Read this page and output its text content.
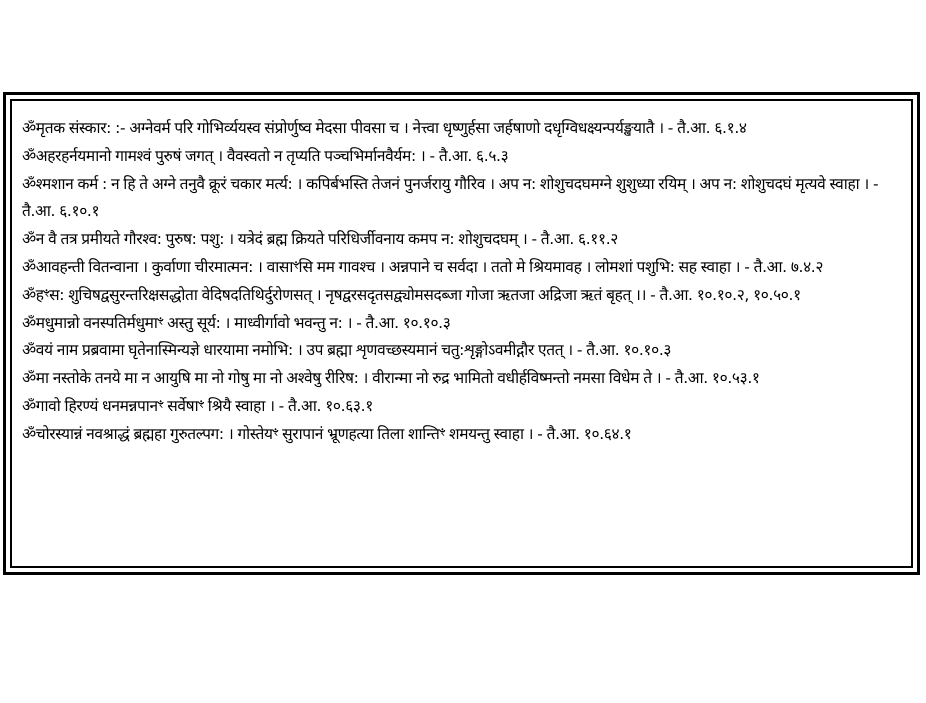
ॐमृतक संस्कार: :- अग्नेवर्म परि गोभिर्व्ययस्व संप्रोर्णुष्व मेदसा पीवसा च । नेत्त्वा धृष्णुर्हसा जर्हषाणो दधृग्विधक्ष्यन्पर्यङ्खयातै । - तै.आ. ६.१.४

ॐअहरहर्नयमानो गामश्वं पुरुषं जगत् । वैवस्वतो न तृप्यति पञ्चभिर्मानवैर्यम: । - तै.आ. ६.५.३

ॐश्मशान कर्म : न हि ते अग्ने तनुवै क्रूरं चकार मर्त्य: । कपिर्बभस्ति तेजनं पुनर्जरायु गौरिव । अप न: शोशुचदघमग्ने शुशुध्या रयिम् । अप न: शोशुचदघं मृत्यवे स्वाहा । - तै.आ. ६.१०.१

ॐन वै तत्र प्रमीयते गौरश्व: पुरुष: पशु: । यत्रेदं ब्रह्म क्रियते परिधिर्जीवनाय कमप न: शोशुचदघम् । - तै.आ. ६.११.२

ॐआवहन्ती वितन्वाना । कुर्वाणा चीरमात्मन: । वासाꣳसि मम गावश्च । अन्नपाने च सर्वदा । ततो मे श्रियमावह । लोमशां पशुभि: सह स्वाहा । - तै.आ. ७.४.२

ॐहꣳस: शुचिषद्वसुरन्तरिक्षसद्धोता वेदिषदतिथिर्दुरोणसत् । नृषद्वरसदृतसद्व्योमसदब्जा गोजा ऋतजा अद्रिजा ऋतं बृहत् ।। - तै.आ. १०.१०.२, १०.५०.१

ॐमधुमान्नो वनस्पतिर्मधुमाꣳ अस्तु सूर्य: । माध्वीर्गावो भवन्तु न: । - तै.आ. १०.१०.३

ॐवयं नाम प्रब्रवामा घृतेनास्मिन्यज्ञे धारयामा नमोभि: । उप ब्रह्मा शृणवच्छस्यमानं चतु:शृङ्गोऽवमीद्गौर एतत् । - तै.आ. १०.१०.३

ॐमा नस्तोके तनये मा न आयुषि मा नो गोषु मा नो अश्वेषु रीरिष: । वीरान्मा नो रुद्र भामितो वधीर्हविष्मन्तो नमसा विधेम ते । - तै.आ. १०.५३.१

ॐगावो हिरण्यं धनमन्नपानꣳ सर्वेषाꣳ श्रियै स्वाहा । - तै.आ. १०.६३.१

ॐचोरस्यान्नं नवश्राद्धं ब्रह्महा गुरुतल्पग: । गोस्तेयꣳ सुरापानं भ्रूणहत्या तिला शान्तिꣳ शमयन्तु स्वाहा । - तै.आ. १०.६४.१
